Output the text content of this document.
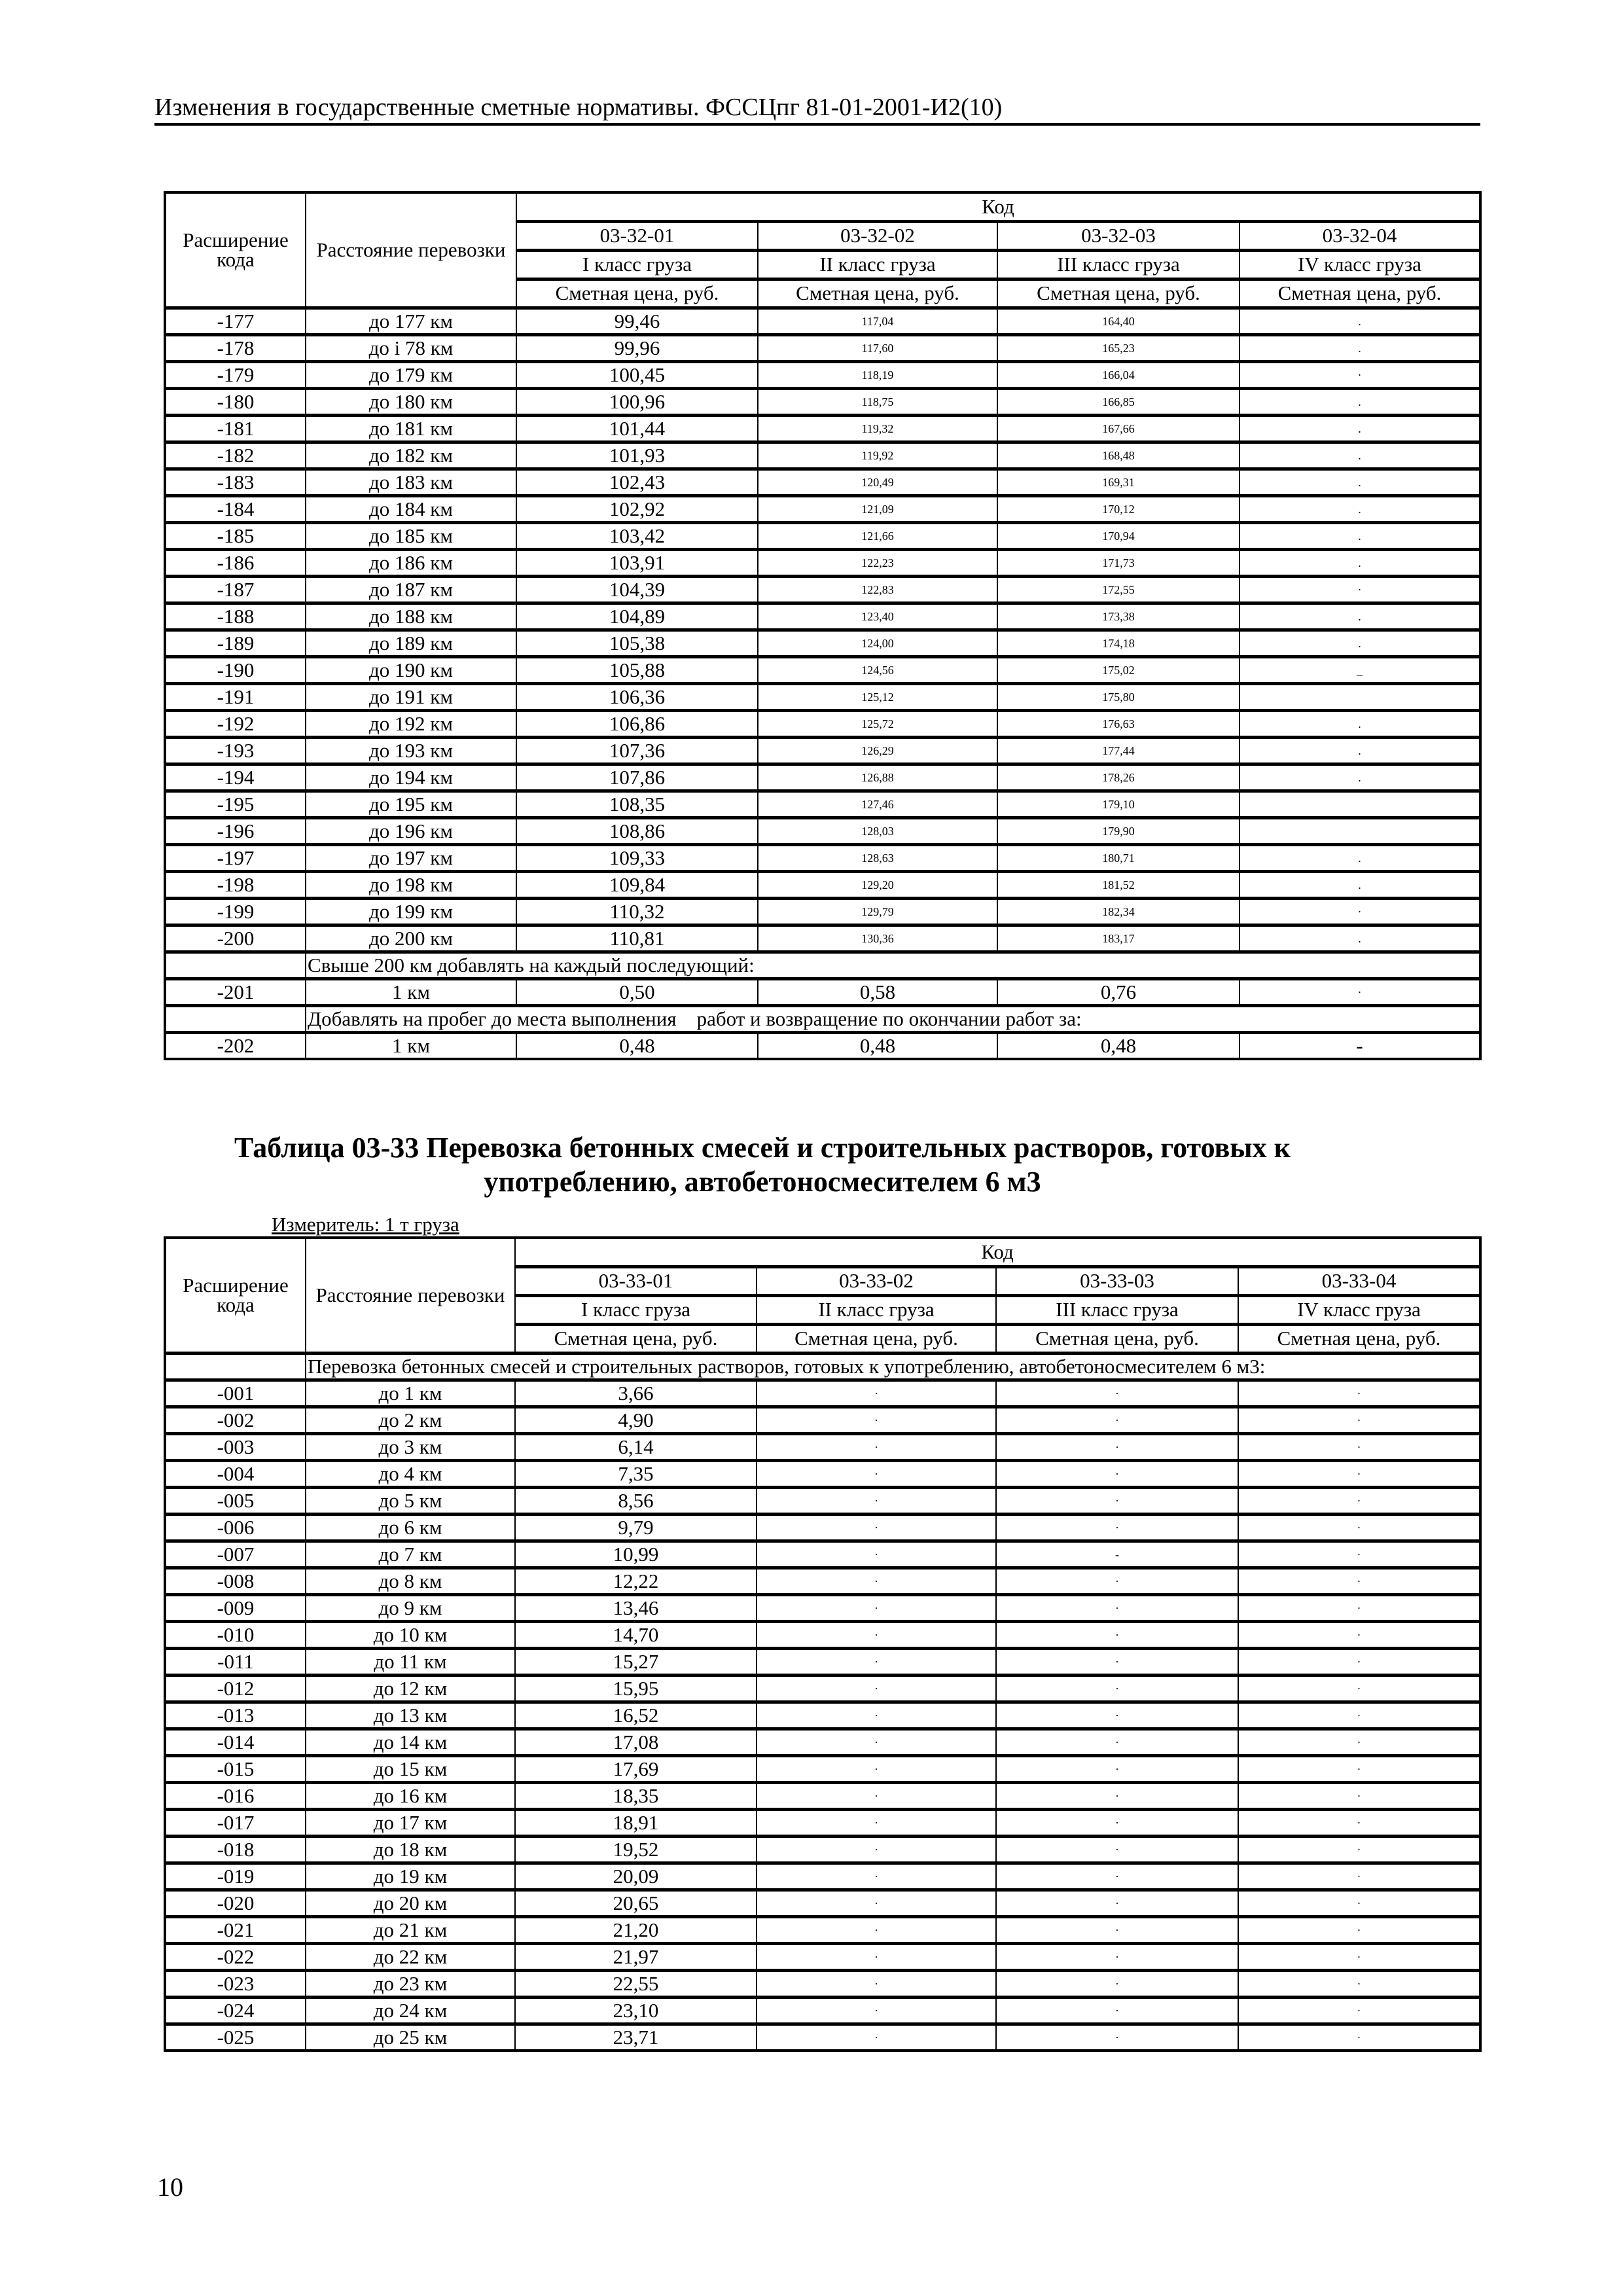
Изменения в государственные сметные нормативы. ФССЦпг 81-01-2001-И2(10)
Расширение кода	Расстояние перевозки	Код			
		03-32-01	03-32-02	03-32-03	03-32-04
		I класс груза	II класс груза	III класс груза	IV класс груза
		Сметная цена, руб.	Сметная цена, руб.	Сметная цена, руб.	Сметная цена, руб.
-177	до 177 км	99,46	117,04	164,40	.
-178	до i 78 км	99,96	117,60	165,23	.
-179	до 179 км	100,45	118,19	166,04	·
-180	до 180 км	100,96	118,75	166,85	.
-181	до 181 км	101,44	119,32	167,66	.
-182	до 182 км	101,93	119,92	168,48	.
-183	до 183 км	102,43	120,49	169,31	.
-184	до 184 км	102,92	121,09	170,12	.
-185	до 185 км	103,42	121,66	170,94	.
-186	до 186 км	103,91	122,23	171,73	.
-187	до 187 км	104,39	122,83	172,55	·
-188	до 188 км	104,89	123,40	173,38	.
-189	до 189 км	105,38	124,00	174,18	.
-190	до 190 км	105,88	124,56	175,02	_
-191	до 191 км	106,36	125,12	175,80	
-192	до 192 км	106,86	125,72	176,63	.
-193	до 193 км	107,36	126,29	177,44	.
-194	до 194 км	107,86	126,88	178,26	.
-195	до 195 км	108,35	127,46	179,10	
-196	до 196 км	108,86	128,03	179,90	
-197	до 197 км	109,33	128,63	180,71	.
-198	до 198 км	109,84	129,20	181,52	.
-199	до 199 км	110,32	129,79	182,34	·
-200	до 200 км	110,81	130,36	183,17	.
	Свыше 200 км добавлять на каждый последующий:				
-201	1 км	0,50	0,58	0,76	·
	Добавлять на пробег до места выполнения    работ и возвращение по окончании работ за:				
-202	1 км	0,48	0,48	0,48	-
Таблица 03-33 Перевозка бетонных смесей и строительных растворов, готовых к употреблению, автобетоносмесителем 6 м3
Измеритель: 1 т груза
Расширение кода	Расстояние перевозки	Код			
		03-33-01	03-33-02	03-33-03	03-33-04
		I класс груза	II класс груза	III класс груза	IV класс груза
		Сметная цена, руб.	Сметная цена, руб.	Сметная цена, руб.	Сметная цена, руб.
	Перевозка бетонных смесей и строительных растворов, готовых к употреблению, автобетоносмесителем 6 м3:				
-001	до 1 км	3,66	·	·	·
-002	до 2 км	4,90	·	·	·
-003	до 3 км	6,14	·	·	·
-004	до 4 км	7,35	·	·	·
-005	до 5 км	8,56	·	·	·
-006	до 6 км	9,79	·	·	·
-007	до 7 км	10,99	·	-	·
-008	до 8 км	12,22	·	·	·
-009	до 9 км	13,46	·	·	·
-010	до 10 км	14,70	·	·	·
-011	до 11 км	15,27	·	·	·
-012	до 12 км	15,95	·	·	·
-013	до 13 км	16,52	·	·	·
-014	до 14 км	17,08	·	·	·
-015	до 15 км	17,69	·	·	·
-016	до 16 км	18,35	·	·	·
-017	до 17 км	18,91	·	·	·
-018	до 18 км	19,52	·	·	·
-019	до 19 км	20,09	·	·	·
-020	до 20 км	20,65	·	·	·
-021	до 21 км	21,20	·	·	·
-022	до 22 км	21,97	·	·	·
-023	до 23 км	22,55	·	·	·
-024	до 24 км	23,10	·	·	·
-025	до 25 км	23,71	·	·	·
10
